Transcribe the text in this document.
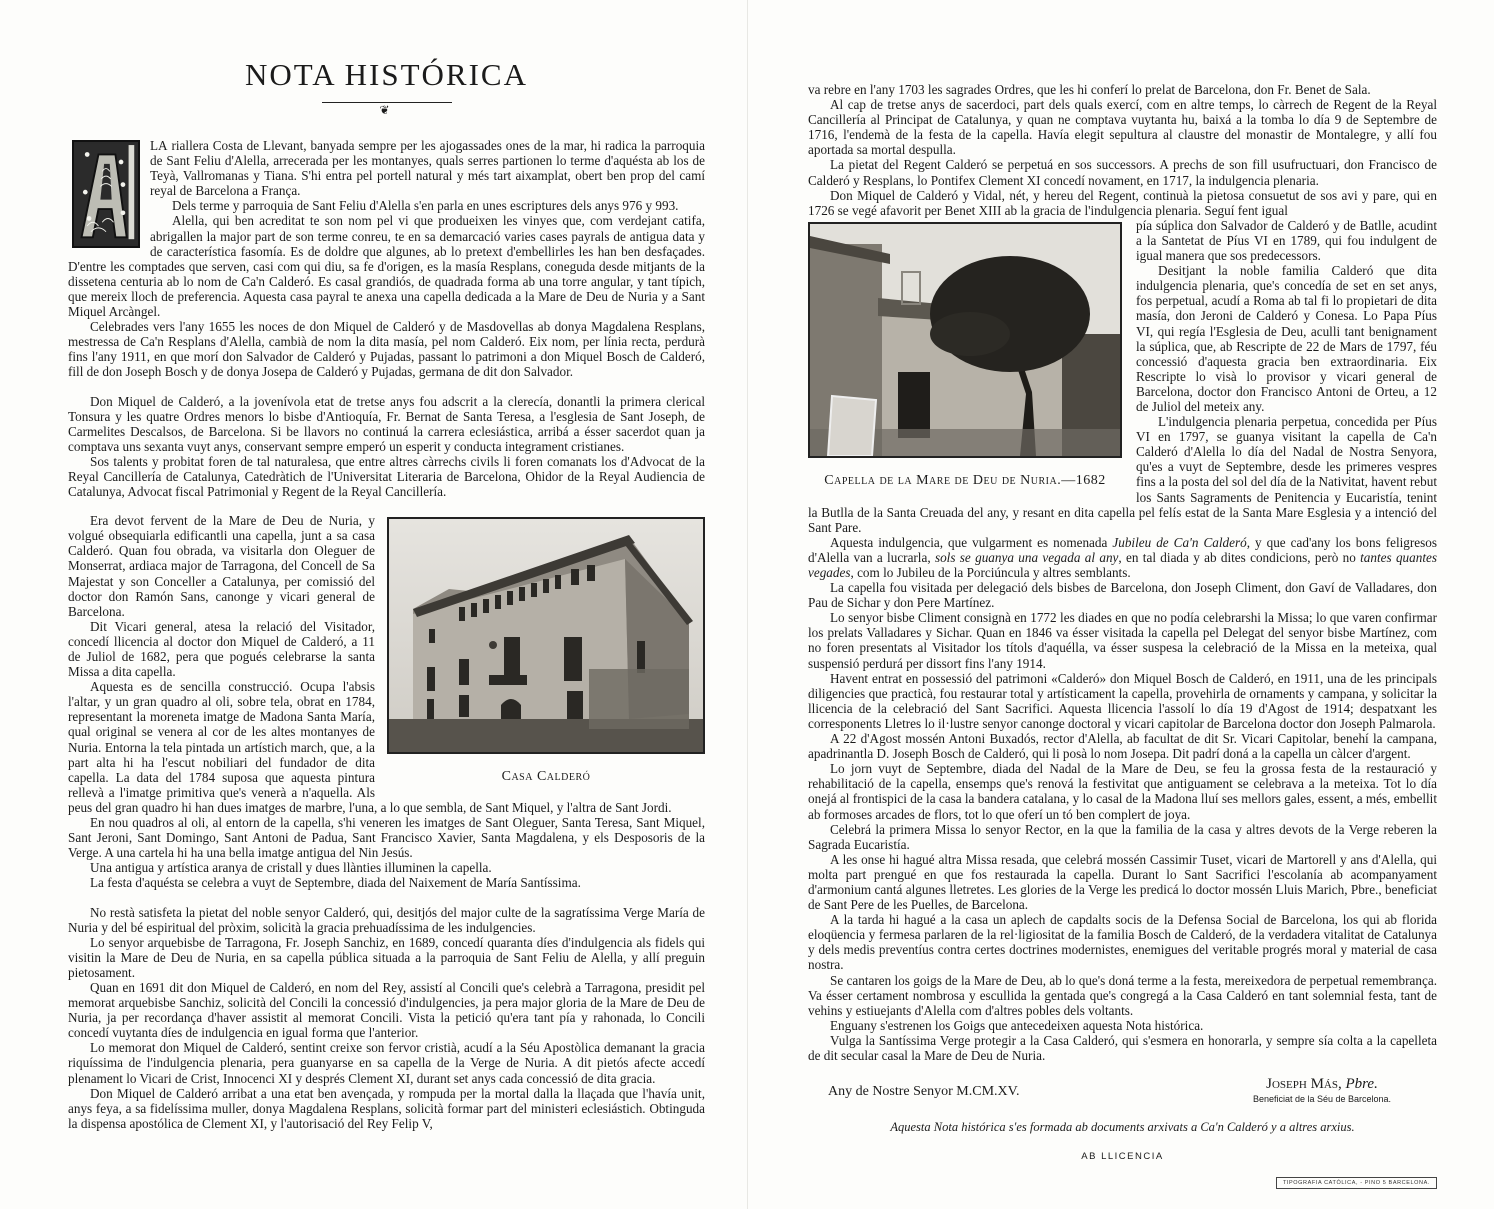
NOTA HISTÓRICA
❦

LA riallera Costa de Llevant, banyada sempre per les ajogassades ones de la mar, hi radica la parroquia de Sant Feliu d'Alella, arrecerada per les montanyes, quals serres partionen lo terme d'aquésta ab los de Teyà, Vallromanas y Tiana. S'hi entra pel portell natural y més tart aixamplat, obert ben prop del camí reyal de Barcelona a França.

Dels terme y parroquia de Sant Feliu d'Alella s'en parla en unes escriptures dels anys 976 y 993.

Alella, qui ben acreditat te son nom pel vi que produeixen les vinyes que, com verdejant catifa, abrigallen la major part de son terme conreu, te en sa demarcació varies cases payrals de antigua data y de característica fasomía. Es de doldre que algunes, ab lo pretext d'embellirles les han ben desfaçades. D'entre les comptades que serven, casi com qui diu, sa fe d'origen, es la masía Resplans, coneguda desde mitjants de la dissetena centuria ab lo nom de Ca'n Calderó. Es casal grandiós, de quadrada forma ab una torre angular, y tant típich, que mereix lloch de preferencia. Aquesta casa payral te anexa una capella dedicada a la Mare de Deu de Nuria y a Sant Miquel Arcàngel.

Celebrades vers l'any 1655 les noces de don Miquel de Calderó y de Masdovellas ab donya Magdalena Resplans, mestressa de Ca'n Resplans d'Alella, cambià de nom la dita masía, pel nom Calderó. Eix nom, per línia recta, perdurà fins l'any 1911, en que morí don Salvador de Calderó y Pujadas, passant lo patrimoni a don Miquel Bosch de Calderó, fill de don Joseph Bosch y de donya Josepa de Calderó y Pujadas, germana de dit don Salvador.

Don Miquel de Calderó, a la jovenívola etat de tretse anys fou adscrit a la clerecía, donantli la primera clerical Tonsura y les quatre Ordres menors lo bisbe d'Antioquía, Fr. Bernat de Santa Teresa, a l'esglesia de Sant Joseph, de Carmelites Descalsos, de Barcelona. Si be llavors no continuá la carrera eclesiástica, arribá a ésser sacerdot quan ja comptava uns sexanta vuyt anys, conservant sempre emperó un esperit y conducta integrament cristianes.

Sos talents y probitat foren de tal naturalesa, que entre altres càrrechs civils li foren comanats los d'Advocat de la Reyal Cancillería de Catalunya, Catedràtich de l'Universitat Literaria de Barcelona, Ohidor de la Reyal Audiencia de Catalunya, Advocat fiscal Patrimonial y Regent de la Reyal Cancillería.

Casa Calderó

Era devot fervent de la Mare de Deu de Nuria, y volgué obsequiarla edificantli una capella, junt a sa casa Calderó. Quan fou obrada, va visitarla don Oleguer de Monserrat, ardiaca major de Tarragona, del Concell de Sa Majestat y son Conceller a Catalunya, per comissió del doctor don Ramón Sans, canonge y vicari general de Barcelona.

Dit Vicari general, atesa la relació del Visitador, concedí llicencia al doctor don Miquel de Calderó, a 11 de Juliol de 1682, pera que pogués celebrarse la santa Missa a dita capella.

Aquesta es de sencilla construcció. Ocupa l'absis l'altar, y un gran quadro al oli, sobre tela, obrat en 1784, representant la moreneta imatge de Madona Santa María, qual original se venera al cor de les altes montanyes de Nuria. Entorna la tela pintada un artístich march, que, a la part alta hi ha l'escut nobiliari del fundador de dita capella. La data del 1784 suposa que aquesta pintura rellevà a l'imatge primitiva que's venerà a n'aquella. Als peus del gran quadro hi han dues imatges de marbre, l'una, a lo que sembla, de Sant Miquel, y l'altra de Sant Jordi.

En nou quadros al oli, al entorn de la capella, s'hi veneren les imatges de Sant Oleguer, Santa Teresa, Sant Miquel, Sant Jeroni, Sant Domingo, Sant Antoni de Padua, Sant Francisco Xavier, Santa Magdalena, y els Desposoris de la Verge. A una cartela hi ha una bella imatge antigua del Nin Jesús.

Una antigua y artística aranya de cristall y dues llànties illuminen la capella.

La festa d'aquésta se celebra a vuyt de Septembre, diada del Naixement de María Santíssima.

No restà satisfeta la pietat del noble senyor Calderó, qui, desitjós del major culte de la sagratíssima Verge María de Nuria y del bé espiritual del pròxim, solicità la gracia prehuadíssima de les indulgencies.

Lo senyor arquebisbe de Tarragona, Fr. Joseph Sanchiz, en 1689, concedí quaranta díes d'indulgencia als fidels qui visitin la Mare de Deu de Nuria, en sa capella pública situada a la parroquia de Sant Feliu de Alella, y allí preguin pietosament.

Quan en 1691 dit don Miquel de Calderó, en nom del Rey, assistí al Concili que's celebrà a Tarragona, presidit pel memorat arquebisbe Sanchiz, solicità del Concili la concessió d'indulgencies, ja pera major gloria de la Mare de Deu de Nuria, ja per recordança d'haver assistit al memorat Concili. Vista la petició qu'era tant pía y rahonada, lo Concili concedí vuytanta díes de indulgencia en igual forma que l'anterior.

Lo memorat don Miquel de Calderó, sentint creixe son fervor cristià, acudí a la Séu Apostòlica demanant la gracia riquíssima de l'indulgencia plenaria, pera guanyarse en sa capella de la Verge de Nuria. A dit pietós afecte accedí plenament lo Vicari de Crist, Innocenci XI y després Clement XI, durant set anys cada concessió de dita gracia.

Don Miquel de Calderó arribat a una etat ben avençada, y rompuda per la mortal dalla la llaçada que l'havía unit, anys feya, a sa fidelíssima muller, donya Magdalena Resplans, solicità formar part del ministeri eclesiástich. Obtinguda la dispensa apostólica de Clement XI, y l'autorisació del Rey Felip V,

va rebre en l'any 1703 les sagrades Ordres, que les hi conferí lo prelat de Barcelona, don Fr. Benet de Sala.

Al cap de tretse anys de sacerdoci, part dels quals exercí, com en altre temps, lo càrrech de Regent de la Reyal Cancillería al Principat de Catalunya, y quan ne comptava vuytanta hu, baixá a la tomba lo día 9 de Septembre de 1716, l'endemà de la festa de la capella. Havía elegit sepultura al claustre del monastir de Montalegre, y allí fou aportada sa mortal despulla.

La pietat del Regent Calderó se perpetuá en sos successors. A prechs de son fill usufructuari, don Francisco de Calderó y Resplans, lo Pontifex Clement XI concedí novament, en 1717, la indulgencia plenaria.

Don Miquel de Calderó y Vidal, nét, y hereu del Regent, continuà la pietosa consuetut de sos avi y pare, qui en 1726 se vegé afavorit per Benet XIII ab la gracia de l'indulgencia plenaria. Seguí fent igual

Capella de la Mare de Deu de Nuria.—1682

pía súplica don Salvador de Calderó y de Batlle, acudint a la Santetat de Píus VI en 1789, qui fou indulgent de igual manera que sos predecessors.

Desitjant la noble familia Calderó que dita indulgencia plenaria, que's concedía de set en set anys, fos perpetual, acudí a Roma ab tal fi lo propietari de dita masía, don Jeroni de Calderó y Conesa. Lo Papa Píus VI, qui regía l'Esglesia de Deu, aculli tant benignament la súplica, que, ab Rescripte de 22 de Mars de 1797, féu concessió d'aquesta gracia ben extraordinaria. Eix Rescripte lo visà lo provisor y vicari general de Barcelona, doctor don Francisco Antoni de Orteu, a 12 de Juliol del meteix any.

L'indulgencia plenaria perpetua, concedida per Píus VI en 1797, se guanya visitant la capella de Ca'n Calderó d'Alella lo día del Nadal de Nostra Senyora, qu'es a vuyt de Septembre, desde les primeres vespres fins a la posta del sol del día de la Nativitat, havent rebut los Sants Sagraments de Penitencia y Eucaristía, tenint la Butlla de la Santa Creuada del any, y resant en dita capella pel felís estat de la Santa Mare Esglesia y a intenció del Sant Pare.

Aquesta indulgencia, que vulgarment es nomenada Jubileu de Ca'n Calderó, y que cad'any los bons feligresos d'Alella van a lucrarla, sols se guanya una vegada al any, en tal diada y ab dites condicions, però no tantes quantes vegades, com lo Jubileu de la Porciúncula y altres semblants.

La capella fou visitada per delegació dels bisbes de Barcelona, don Joseph Climent, don Gaví de Valladares, don Pau de Sichar y don Pere Martínez.

Lo senyor bisbe Climent consignà en 1772 les diades en que no podía celebrarshi la Missa; lo que varen confirmar los prelats Valladares y Sichar. Quan en 1846 va ésser visitada la capella pel Delegat del senyor bisbe Martínez, com no foren presentats al Visitador los títols d'aquélla, va ésser suspesa la celebració de la Missa en la meteixa, qual suspensió perdurá per dissort fins l'any 1914.

Havent entrat en possessió del patrimoni «Calderó» don Miquel Bosch de Calderó, en 1911, una de les principals diligencies que practicà, fou restaurar total y artísticament la capella, provehirla de ornaments y campana, y solicitar la llicencia de la celebració del Sant Sacrifici. Aquesta llicencia l'assolí lo día 19 d'Agost de 1914; despatxant les corresponents Lletres lo il·lustre senyor canonge doctoral y vicari capitolar de Barcelona doctor don Joseph Palmarola.

A 22 d'Agost mossén Antoni Buxadós, rector d'Alella, ab facultat de dit Sr. Vicari Capitolar, benehí la campana, apadrinantla D. Joseph Bosch de Calderó, qui li posà lo nom Josepa. Dit padrí doná a la capella un càlcer d'argent.

Lo jorn vuyt de Septembre, diada del Nadal de la Mare de Deu, se feu la grossa festa de la restauració y rehabilitació de la capella, ensemps que's renová la festivitat que antiguament se celebrava a la meteixa. Tot lo día onejá al frontispici de la casa la bandera catalana, y lo casal de la Madona lluí ses mellors gales, essent, a més, embellit ab formoses arcades de flors, tot lo que oferí un tó ben complert de joya.

Celebrá la primera Missa lo senyor Rector, en la que la familia de la casa y altres devots de la Verge reberen la Sagrada Eucaristía.

A les onse hi hagué altra Missa resada, que celebrá mossén Cassimir Tuset, vicari de Martorell y ans d'Alella, qui molta part prengué en que fos restaurada la capella. Durant lo Sant Sacrifici l'escolanía ab acompanyament d'armonium cantá algunes lletretes. Les glories de la Verge les predicá lo doctor mossén Lluis Marich, Pbre., beneficiat de Sant Pere de les Puelles, de Barcelona.

A la tarda hi hagué a la casa un aplech de capdalts socis de la Defensa Social de Barcelona, los qui ab florida eloqüencia y fermesa parlaren de la rel·ligiositat de la familia Bosch de Calderó, de la verdadera vitalitat de Catalunya y dels medis preventíus contra certes doctrines modernistes, enemigues del veritable progrés moral y material de casa nostra.

Se cantaren los goigs de la Mare de Deu, ab lo que's doná terme a la festa, mereixedora de perpetual remembrança. Va ésser certament nombrosa y escullida la gentada que's congregá a la Casa Calderó en tant solemnial festa, tant de vehins y estiuejants d'Alella com d'altres pobles dels voltants.

Enguany s'estrenen los Goigs que antecedeixen aquesta Nota histórica.

Vulga la Santíssima Verge protegir a la Casa Calderó, qui s'esmera en honorarla, y sempre sía colta a la capelleta de dit secular casal la Mare de Deu de Nuria.

Any de Nostre Senyor M.CM.XV.	Joseph Más, Pbre.
Beneficiat de la Séu de Barcelona.
Aquesta Nota histórica s'es formada ab documents arxivats a Ca'n Calderó y a altres arxius.
AB LLICENCIA
TIPOGRAFIA CATÓLICA, - PINO 5 BARCELONA.
